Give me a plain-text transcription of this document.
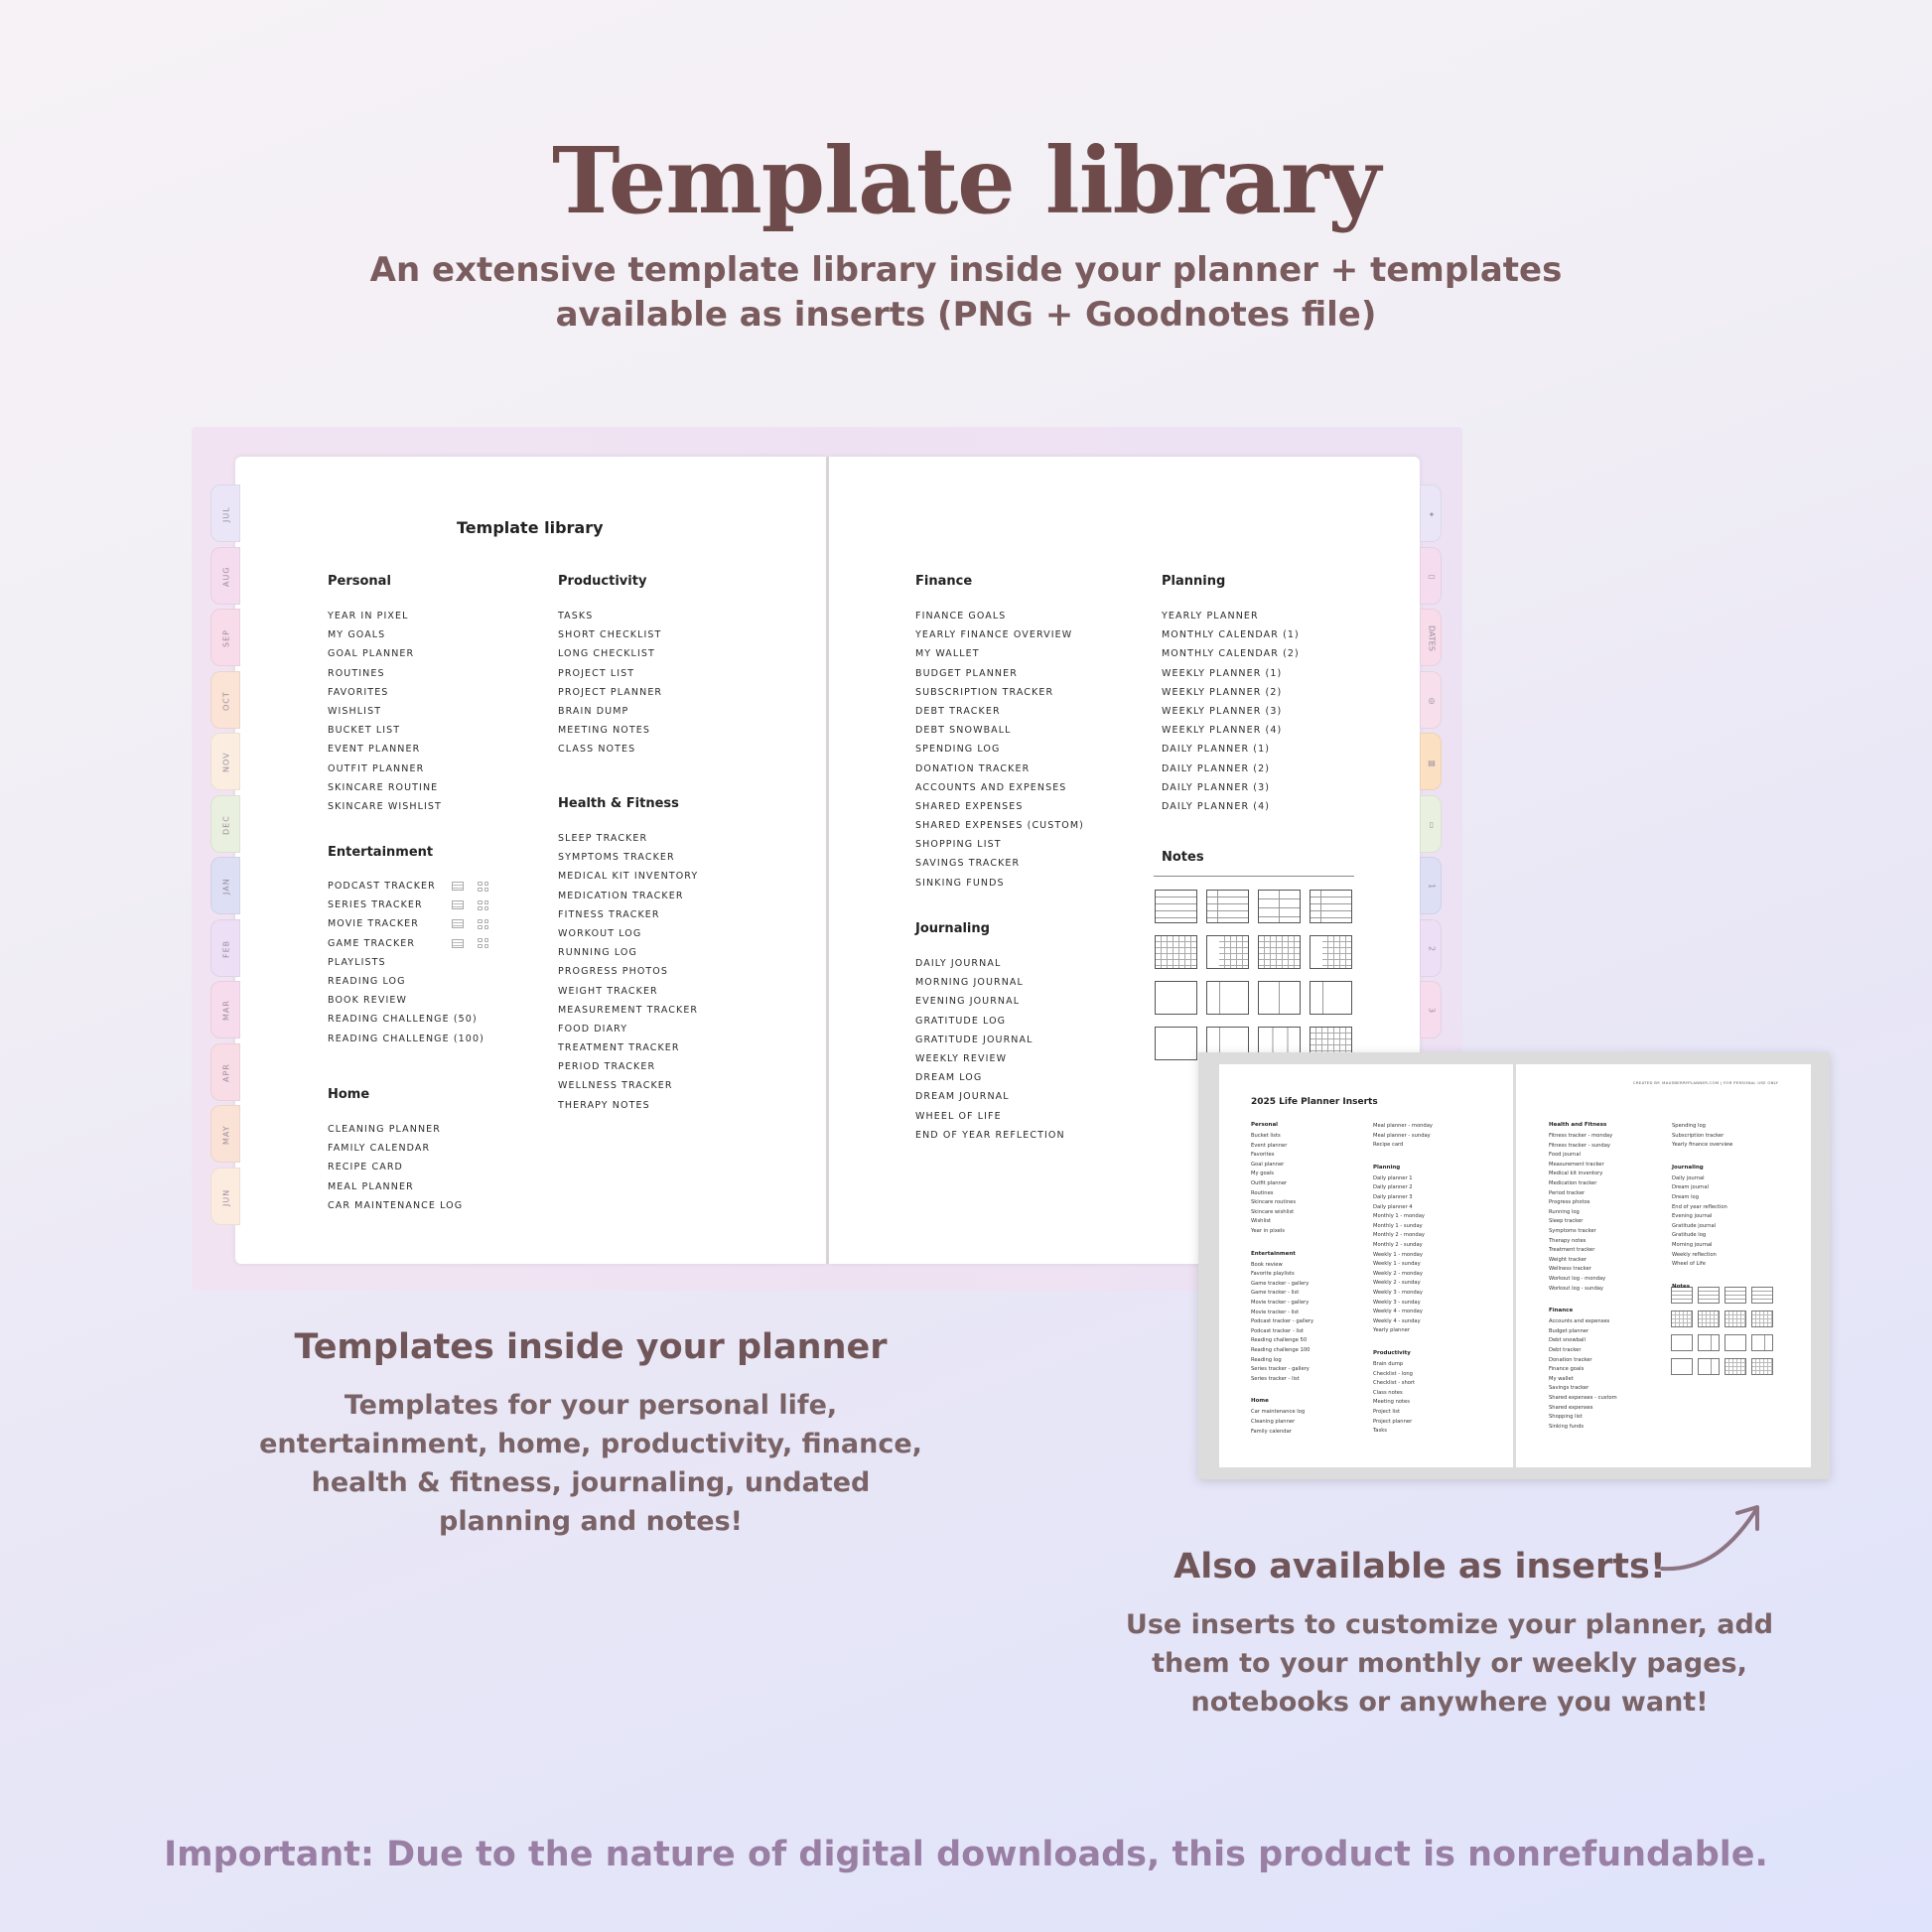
Template library
An extensive template library inside your planner + templates available as inserts (PNG + Goodnotes file)
Template library
Personal
YEAR IN PIXEL
MY GOALS
GOAL PLANNER
ROUTINES
FAVORITES
WISHLIST
BUCKET LIST
EVENT PLANNER
OUTFIT PLANNER
SKINCARE ROUTINE
SKINCARE WISHLIST
Entertainment
PODCAST TRACKER
SERIES TRACKER
MOVIE TRACKER
GAME TRACKER
PLAYLISTS
READING LOG
BOOK REVIEW
READING CHALLENGE (50)
READING CHALLENGE (100)
Home
CLEANING PLANNER
FAMILY CALENDAR
RECIPE CARD
MEAL PLANNER
CAR MAINTENANCE LOG
Productivity
TASKS
SHORT CHECKLIST
LONG CHECKLIST
PROJECT LIST
PROJECT PLANNER
BRAIN DUMP
MEETING NOTES
CLASS NOTES
Health & Fitness
SLEEP TRACKER
SYMPTOMS TRACKER
MEDICAL KIT INVENTORY
MEDICATION TRACKER
FITNESS TRACKER
WORKOUT LOG
RUNNING LOG
PROGRESS PHOTOS
WEIGHT TRACKER
MEASUREMENT TRACKER
FOOD DIARY
TREATMENT TRACKER
PERIOD TRACKER
WELLNESS TRACKER
THERAPY NOTES
Finance
FINANCE GOALS
YEARLY FINANCE OVERVIEW
MY WALLET
BUDGET PLANNER
SUBSCRIPTION TRACKER
DEBT TRACKER
DEBT SNOWBALL
SPENDING LOG
DONATION TRACKER
ACCOUNTS AND EXPENSES
SHARED EXPENSES
SHARED EXPENSES (CUSTOM)
SHOPPING LIST
SAVINGS TRACKER
SINKING FUNDS
Journaling
DAILY JOURNAL
MORNING JOURNAL
EVENING JOURNAL
GRATITUDE LOG
GRATITUDE JOURNAL
WEEKLY REVIEW
DREAM LOG
DREAM JOURNAL
WHEEL OF LIFE
END OF YEAR REFLECTION
Planning
YEARLY PLANNER
MONTHLY CALENDAR (1)
MONTHLY CALENDAR (2)
WEEKLY PLANNER (1)
WEEKLY PLANNER (2)
WEEKLY PLANNER (3)
WEEKLY PLANNER (4)
DAILY PLANNER (1)
DAILY PLANNER (2)
DAILY PLANNER (3)
DAILY PLANNER (4)
Notes
2025 Life Planner Inserts
CREATED BY: MAUSBERRYPLANNER.COM | FOR PERSONAL USE ONLY
Templates inside your planner
Templates for your personal life, entertainment, home, productivity, finance, health & fitness, journaling, undated planning and notes!
Also available as inserts!
Use inserts to customize your planner, add them to your monthly or weekly pages, notebooks or anywhere you want!
Important: Due to the nature of digital downloads, this product is nonrefundable.
JUL
AUG
SEP
OCT
NOV
DEC
JAN
FEB
MAR
APR
MAY
JUN
✦
▭
DATES
◎
▤
▯
1
2
3
Personal
Bucket lists
Event planner
Favorites
Goal planner
My goals
Outfit planner
Routines
Skincare routines
Skincare wishlist
Wishlist
Year in pixels
Entertainment
Book review
Favorite playlists
Game tracker - gallery
Game tracker - list
Movie tracker - gallery
Movie tracker - list
Podcast tracker - gallery
Podcast tracker - list
Reading challenge 50
Reading challenge 100
Reading log
Series tracker - gallery
Series tracker - list
Home
Car maintenance log
Cleaning planner
Family calendar
Meal planner - monday
Meal planner - sunday
Recipe card
Planning
Daily planner 1
Daily planner 2
Daily planner 3
Daily planner 4
Monthly 1 - monday
Monthly 1 - sunday
Monthly 2 - monday
Monthly 2 - sunday
Weekly 1 - monday
Weekly 1 - sunday
Weekly 2 - monday
Weekly 2 - sunday
Weekly 3 - monday
Weekly 3 - sunday
Weekly 4 - monday
Weekly 4 - sunday
Yearly planner
Productivity
Brain dump
Checklist - long
Checklist - short
Class notes
Meeting notes
Project list
Project planner
Tasks
Health and Fitness
Fitness tracker - monday
Fitness tracker - sunday
Food journal
Measurement tracker
Medical kit inventory
Medication tracker
Period tracker
Progress photos
Running log
Sleep tracker
Symptoms tracker
Therapy notes
Treatment tracker
Weight tracker
Wellness tracker
Workout log - monday
Workout log - sunday
Finance
Accounts and expenses
Budget planner
Debt snowball
Debt tracker
Donation tracker
Finance goals
My wallet
Savings tracker
Shared expenses - custom
Shared expenses
Shopping list
Sinking funds
Spending log
Subscription tracker
Yearly finance overview
Journaling
Daily journal
Dream journal
Dream log
End of year reflection
Evening journal
Gratitude journal
Gratitude log
Morning journal
Weekly reflection
Wheel of Life
Notes
